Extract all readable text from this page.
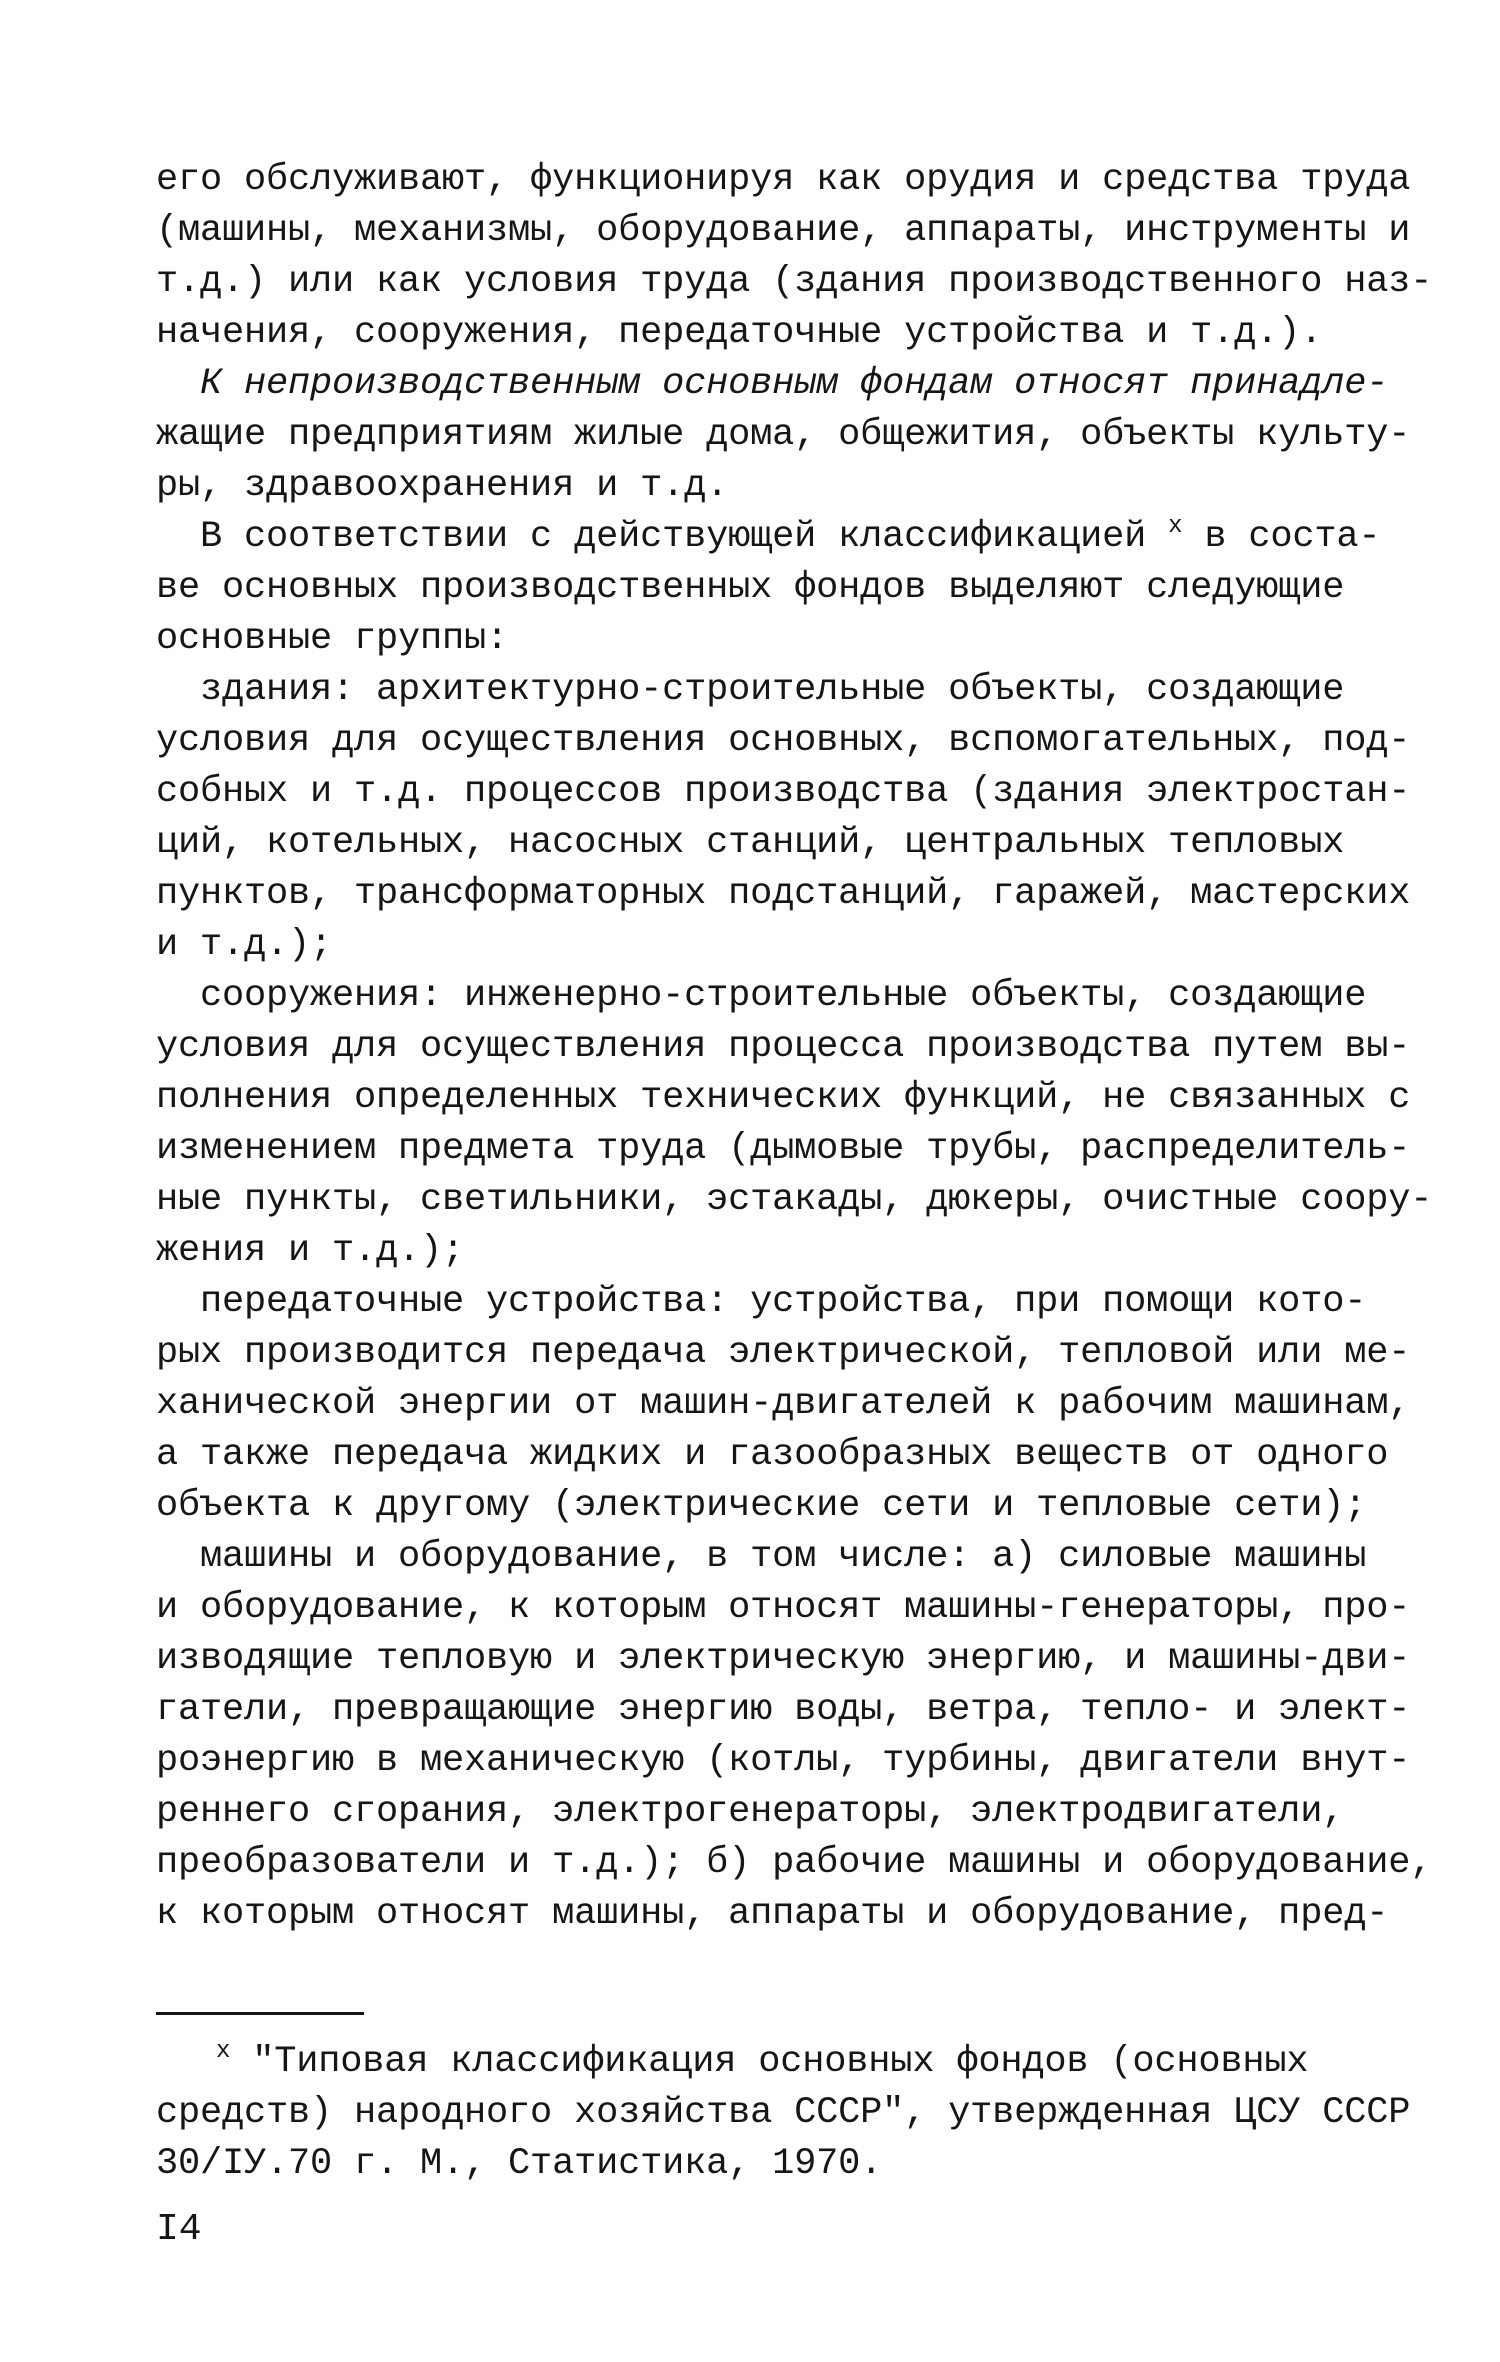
его обслуживают, функционируя как орудия и средства труда
(машины, механизмы, оборудование, аппараты, инструменты и
т.д.) или как условия труда (здания производственного наз-
начения, сооружения, передаточные устройства и т.д.).
К непроизводственным основным фондам относят принадле-
жащие предприятиям жилые дома, общежития, объекты культу-
ры, здравоохранения и т.д.
В соответствии с действующей классификацией $^x$ в соста-
ве основных производственных фондов выделяют следующие
основные группы:
здания: архитектурно-строительные объекты, создающие
условия для осуществления основных, вспомогательных, под-
собных и т.д. процессов производства (здания электростан-
ций, котельных, насосных станций, центральных тепловых
пунктов, трансформаторных подстанций, гаражей, мастерских
и т.д.);
сооружения: инженерно-строительные объекты, создающие
условия для осуществления процесса производства путем вы-
полнения определенных технических функций, не связанных с
изменением предмета труда (дымовые трубы, распределитель-
ные пункты, светильники, эстакады, дюкеры, очистные соору-
жения и т.д.);
передаточные устройства: устройства, при помощи кото-
рых производится передача электрической, тепловой или ме-
ханической энергии от машин-двигателей к рабочим машинам,
а также передача жидких и газообразных веществ от одного
объекта к другому (электрические сети и тепловые сети);
машины и оборудование, в том числе: а) силовые машины
и оборудование, к которым относят машины-генераторы, про-
изводящие тепловую и электрическую энергию, и машины-дви-
гатели, превращающие энергию воды, ветра, тепло- и элект-
роэнергию в механическую (котлы, турбины, двигатели внут-
реннего сгорания, электрогенераторы, электродвигатели,
преобразователи и т.д.); б) рабочие машины и оборудование,
к которым относят машины, аппараты и оборудование, пред-
$^x$ "Типовая классификация основных фондов (основных
средств) народного хозяйства СССР", утвержденная ЦСУ СССР
30/IУ.70 г. М., Статистика, 1970.
I4
